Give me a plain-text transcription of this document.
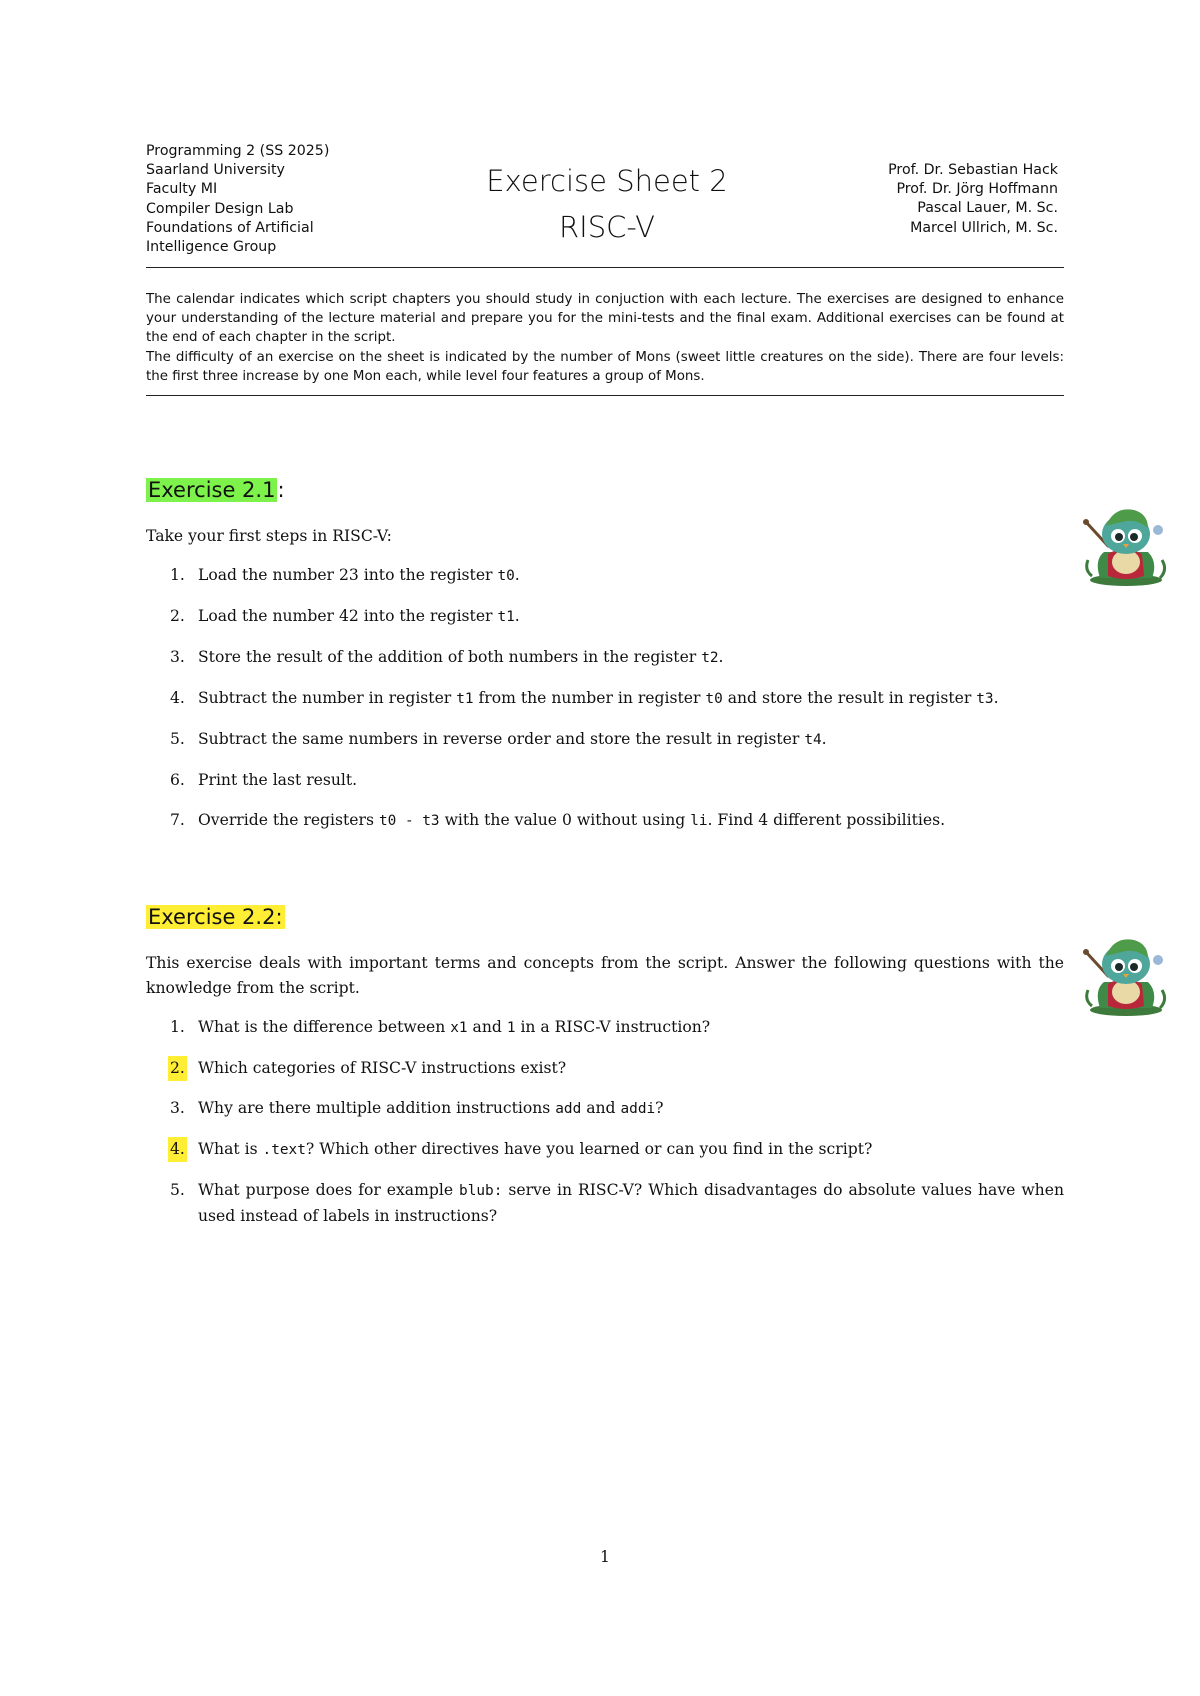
Programming 2 (SS 2025)
Saarland University
Faculty MI
Compiler Design Lab
Foundations of Artificial
Intelligence Group
Exercise Sheet 2
RISC-V
Prof. Dr. Sebastian Hack
Prof. Dr. Jörg Hoffmann
Pascal Lauer, M. Sc.
Marcel Ullrich, M. Sc.

The calendar indicates which script chapters you should study in conjuction with each lecture. The exercises are designed to enhance your understanding of the lecture material and prepare you for the mini-tests and the final exam. Additional exercises can be found at the end of each chapter in the script.

The difficulty of an exercise on the sheet is indicated by the number of Mons (sweet little creatures on the side). There are four levels: the first three increase by one Mon each, while level four features a group of Mons.

Exercise 2.1:
Take your first steps in RISC-V:
1. Load the number 23 into the register t0.
2. Load the number 42 into the register t1.
3. Store the result of the addition of both numbers in the register t2.
4. Subtract the number in register t1 from the number in register t0 and store the result in register t3.
5. Subtract the same numbers in reverse order and store the result in register t4.
6. Print the last result.
7. Override the registers t0 - t3 with the value 0 without using li. Find 4 different possibilities.
Exercise 2.2:
This exercise deals with important terms and concepts from the script. Answer the following questions with the knowledge from the script.
1. What is the difference between x1 and 1 in a RISC-V instruction?
2. Which categories of RISC-V instructions exist?
3. Why are there multiple addition instructions add and addi?
4. What is .text? Which other directives have you learned or can you find in the script?
5. What purpose does for example blub: serve in RISC-V? Which disadvantages do absolute values have when used instead of labels in instructions?
1
